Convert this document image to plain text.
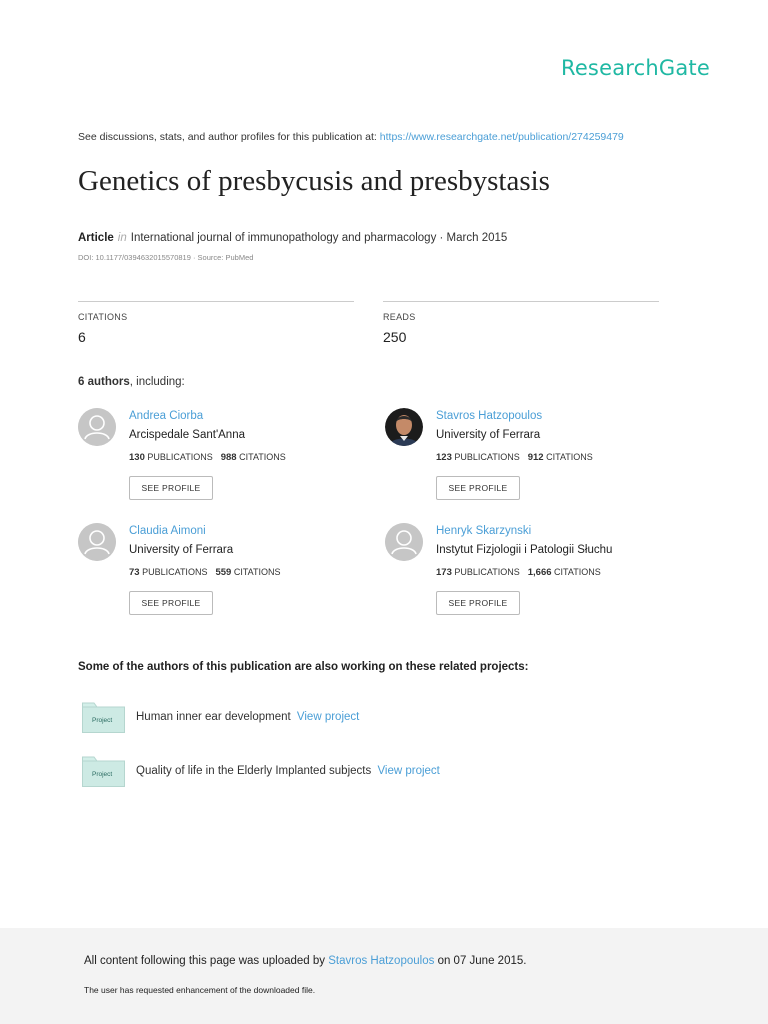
ResearchGate
See discussions, stats, and author profiles for this publication at: https://www.researchgate.net/publication/274259479
Genetics of presbycusis and presbystasis
Article in International journal of immunopathology and pharmacology · March 2015
DOI: 10.1177/0394632015570819 · Source: PubMed
CITATIONS
6
READS
250
6 authors, including:
Andrea Ciorba
Arcispedale Sant'Anna
130 PUBLICATIONS 988 CITATIONS
SEE PROFILE
Stavros Hatzopoulos
University of Ferrara
123 PUBLICATIONS 912 CITATIONS
SEE PROFILE
Claudia Aimoni
University of Ferrara
73 PUBLICATIONS 559 CITATIONS
SEE PROFILE
Henryk Skarzynski
Instytut Fizjologii i Patologii Słuchu
173 PUBLICATIONS 1,666 CITATIONS
SEE PROFILE
Some of the authors of this publication are also working on these related projects:
Project Human inner ear development View project
Project Quality of life in the Elderly Implanted subjects View project
All content following this page was uploaded by Stavros Hatzopoulos on 07 June 2015.
The user has requested enhancement of the downloaded file.
